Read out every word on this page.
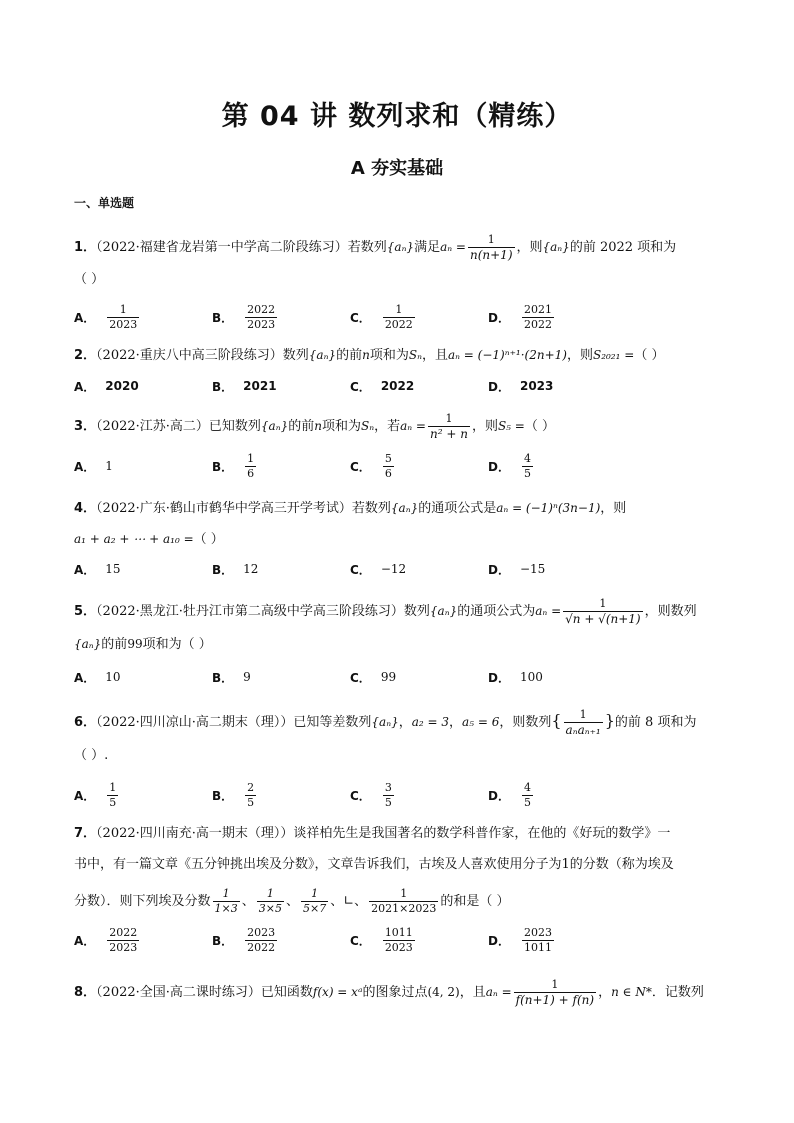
第 04 讲 数列求和（精练）
A 夯实基础
一、单选题
1．（2022·福建省龙岩第一中学高二阶段练习）若数列{aₙ}满足$a_n = \frac{1}{n(n+1)}$ ，则{aₙ}的前 2022 项和为
（ ）
A． $\frac{1}{2023}$	B． $\frac{2022}{2023}$	C． $\frac{1}{2022}$	D． $\frac{2021}{2022}$
2．（2022·重庆八中高三阶段练习）数列{aₙ}的前n项和为Sₙ，且aₙ = (−1)ⁿ⁺¹·(2n+1)，则S₂₀₂₁ =（ ）
A． 2020	B． 2021	C． 2022	D． 2023
3．（2022·江苏·高二）已知数列{aₙ}的前n项和为Sₙ，若$a_n = \frac{1}{\text{n² + n}}$ ，则S₅ =（ ）
A． 1	B． $\frac{1}{6}$	C． $\frac{5}{6}$	D． $\frac{4}{5}$
4．（2022·广东·鹤山市鹤华中学高三开学考试）若数列{aₙ}的通项公式是aₙ = (−1)ⁿ(3n−1)，则
a₁ + a₂ + ⋯ + a₁₀ =（ ）
A． 15	B． 12	C． −12	D． −15
5．（2022·黑龙江·牡丹江市第二高级中学高三阶段练习）数列{aₙ}的通项公式为$a_n = \frac{1}{√n + √(n+1)}$ ，则数列
{aₙ}的前99项和为（ ）
A． 10	B． 9	C． 99	D． 100
6．（2022·四川凉山·高二期末（理））已知等差数列{aₙ}，a₂ = 3，a₅ = 6，则数列{ $\frac{1}{\text{aₙaₙ₊₁}}$ }的前 8 项和为
（ ）.
A． $\frac{1}{5}$	B． $\frac{2}{5}$	C． $\frac{3}{5}$	D． $\frac{4}{5}$
7．（2022·四川南充·高一期末（理））谈祥柏先生是我国著名的数学科普作家，在他的《好玩的数学》一
书中，有一篇文章《五分钟挑出埃及分数》，文章告诉我们，古埃及人喜欢使用分子为1的分数（称为埃及
分数）．则下列埃及分数 $\frac{1}{1\times 3}$ 、 $\frac{1}{3\times 5}$ 、 $\frac{1}{5\times 7}$ 、∟、 $\frac{1}{2021\times 2023}$ 的和是（ ）
A． $\frac{2022}{2023}$	B． $\frac{2023}{2022}$	C． $\frac{1011}{2023}$	D． $\frac{2023}{1011}$
8．（2022·全国·高二课时练习）已知函数f(x) = xᵃ的图象过点(4, 2)，且$a_n = \frac{1}{f(n+1) + f(n)}$ ，n ∈ N*．记数列
